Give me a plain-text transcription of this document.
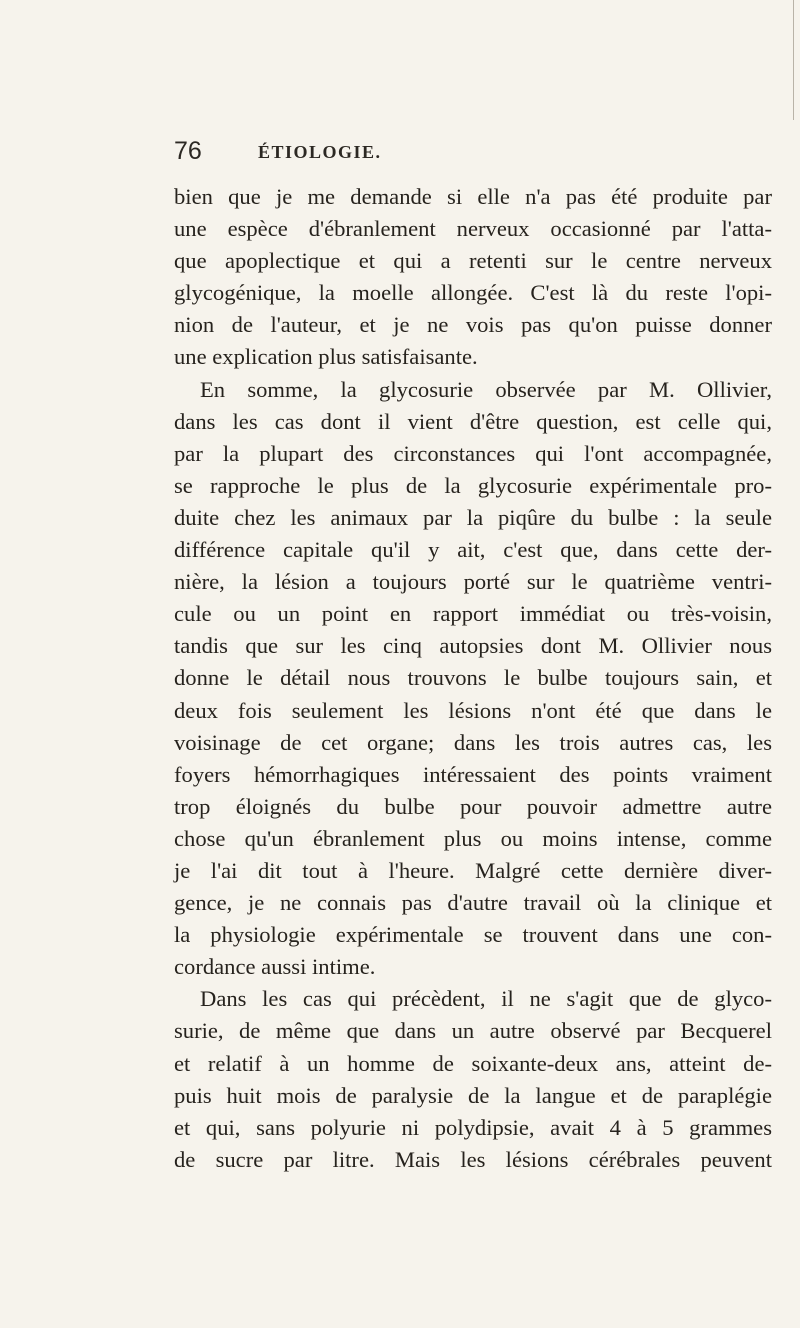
76	ÉTIOLOGIE.
bien que je me demande si elle n'a pas été produite par
une espèce d'ébranlement nerveux occasionné par l'atta-
que apoplectique et qui a retenti sur le centre nerveux
glycogénique, la moelle allongée. C'est là du reste l'opi-
nion de l'auteur, et je ne vois pas qu'on puisse donner
une explication plus satisfaisante.
En somme, la glycosurie observée par M. Ollivier,
dans les cas dont il vient d'être question, est celle qui,
par la plupart des circonstances qui l'ont accompagnée,
se rapproche le plus de la glycosurie expérimentale pro-
duite chez les animaux par la piqûre du bulbe : la seule
différence capitale qu'il y ait, c'est que, dans cette der-
nière, la lésion a toujours porté sur le quatrième ventri-
cule ou un point en rapport immédiat ou très-voisin,
tandis que sur les cinq autopsies dont M. Ollivier nous
donne le détail nous trouvons le bulbe toujours sain, et
deux fois seulement les lésions n'ont été que dans le
voisinage de cet organe; dans les trois autres cas, les
foyers hémorrhagiques intéressaient des points vraiment
trop éloignés du bulbe pour pouvoir admettre autre
chose qu'un ébranlement plus ou moins intense, comme
je l'ai dit tout à l'heure. Malgré cette dernière diver-
gence, je ne connais pas d'autre travail où la clinique et
la physiologie expérimentale se trouvent dans une con-
cordance aussi intime.
Dans les cas qui précèdent, il ne s'agit que de glyco-
surie, de même que dans un autre observé par Becquerel
et relatif à un homme de soixante-deux ans, atteint de-
puis huit mois de paralysie de la langue et de paraplégie
et qui, sans polyurie ni polydipsie, avait 4 à 5 grammes
de sucre par litre. Mais les lésions cérébrales peuvent
